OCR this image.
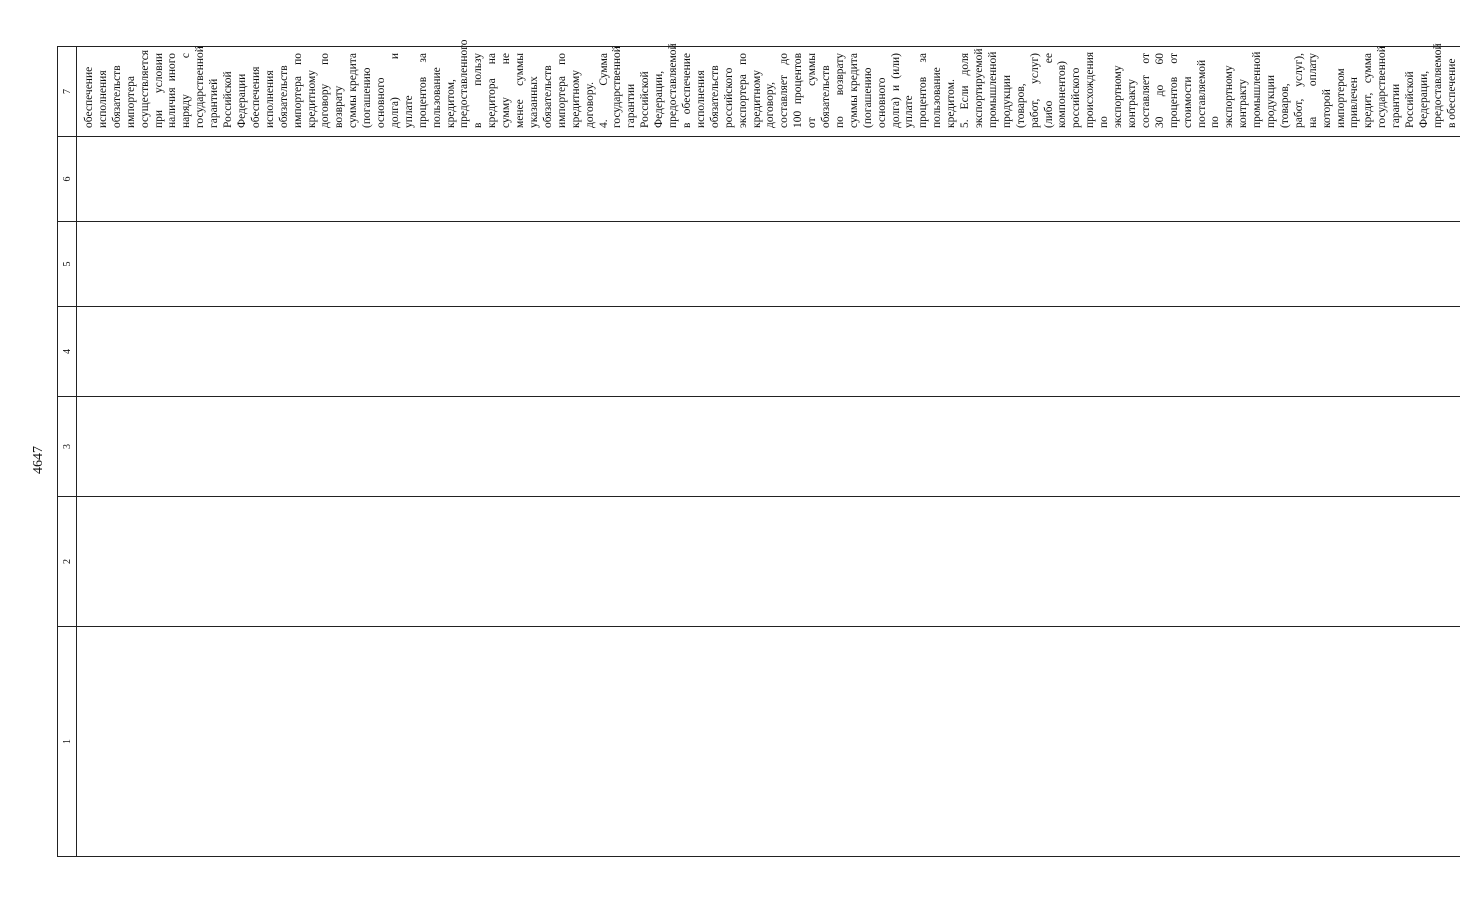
4647
1	2	3	4	5	6	7

						обеспечение исполнения обязательств импортера осуществляется при условии наличия иного наряду с государственной гарантией Российской Федерации обеспечения исполнения обязательств импортера по кредитному договору по возврату суммы кредита (погашению основного долга) и уплате процентов за пользование кредитом, предоставленного в пользу кредитора на сумму не менее суммы указанных обязательств импортера по кредитному договору. 4. Сумма государственной гарантии Российской Федерации, предоставляемой в обеспечение исполнения обязательств российского экспортера по кредитному договору, составляет до 100 процентов от суммы обязательств по возврату суммы кредита (погашению основного долга) и (или) уплате процентов за пользование кредитом. 5. Если доля экспортируемой промышленной продукции (товаров, работ, услуг) (либо ее компонентов) российского происхождения по экспортному контракту составляет от 30 до 60 процентов от стоимости поставляемой по экспортному контракту промышленной продукции (товаров, работ, услуг), на оплату которой импортером привлечен кредит, сумма государственной гарантии Российской Федерации, предоставляемой в обеспечение
